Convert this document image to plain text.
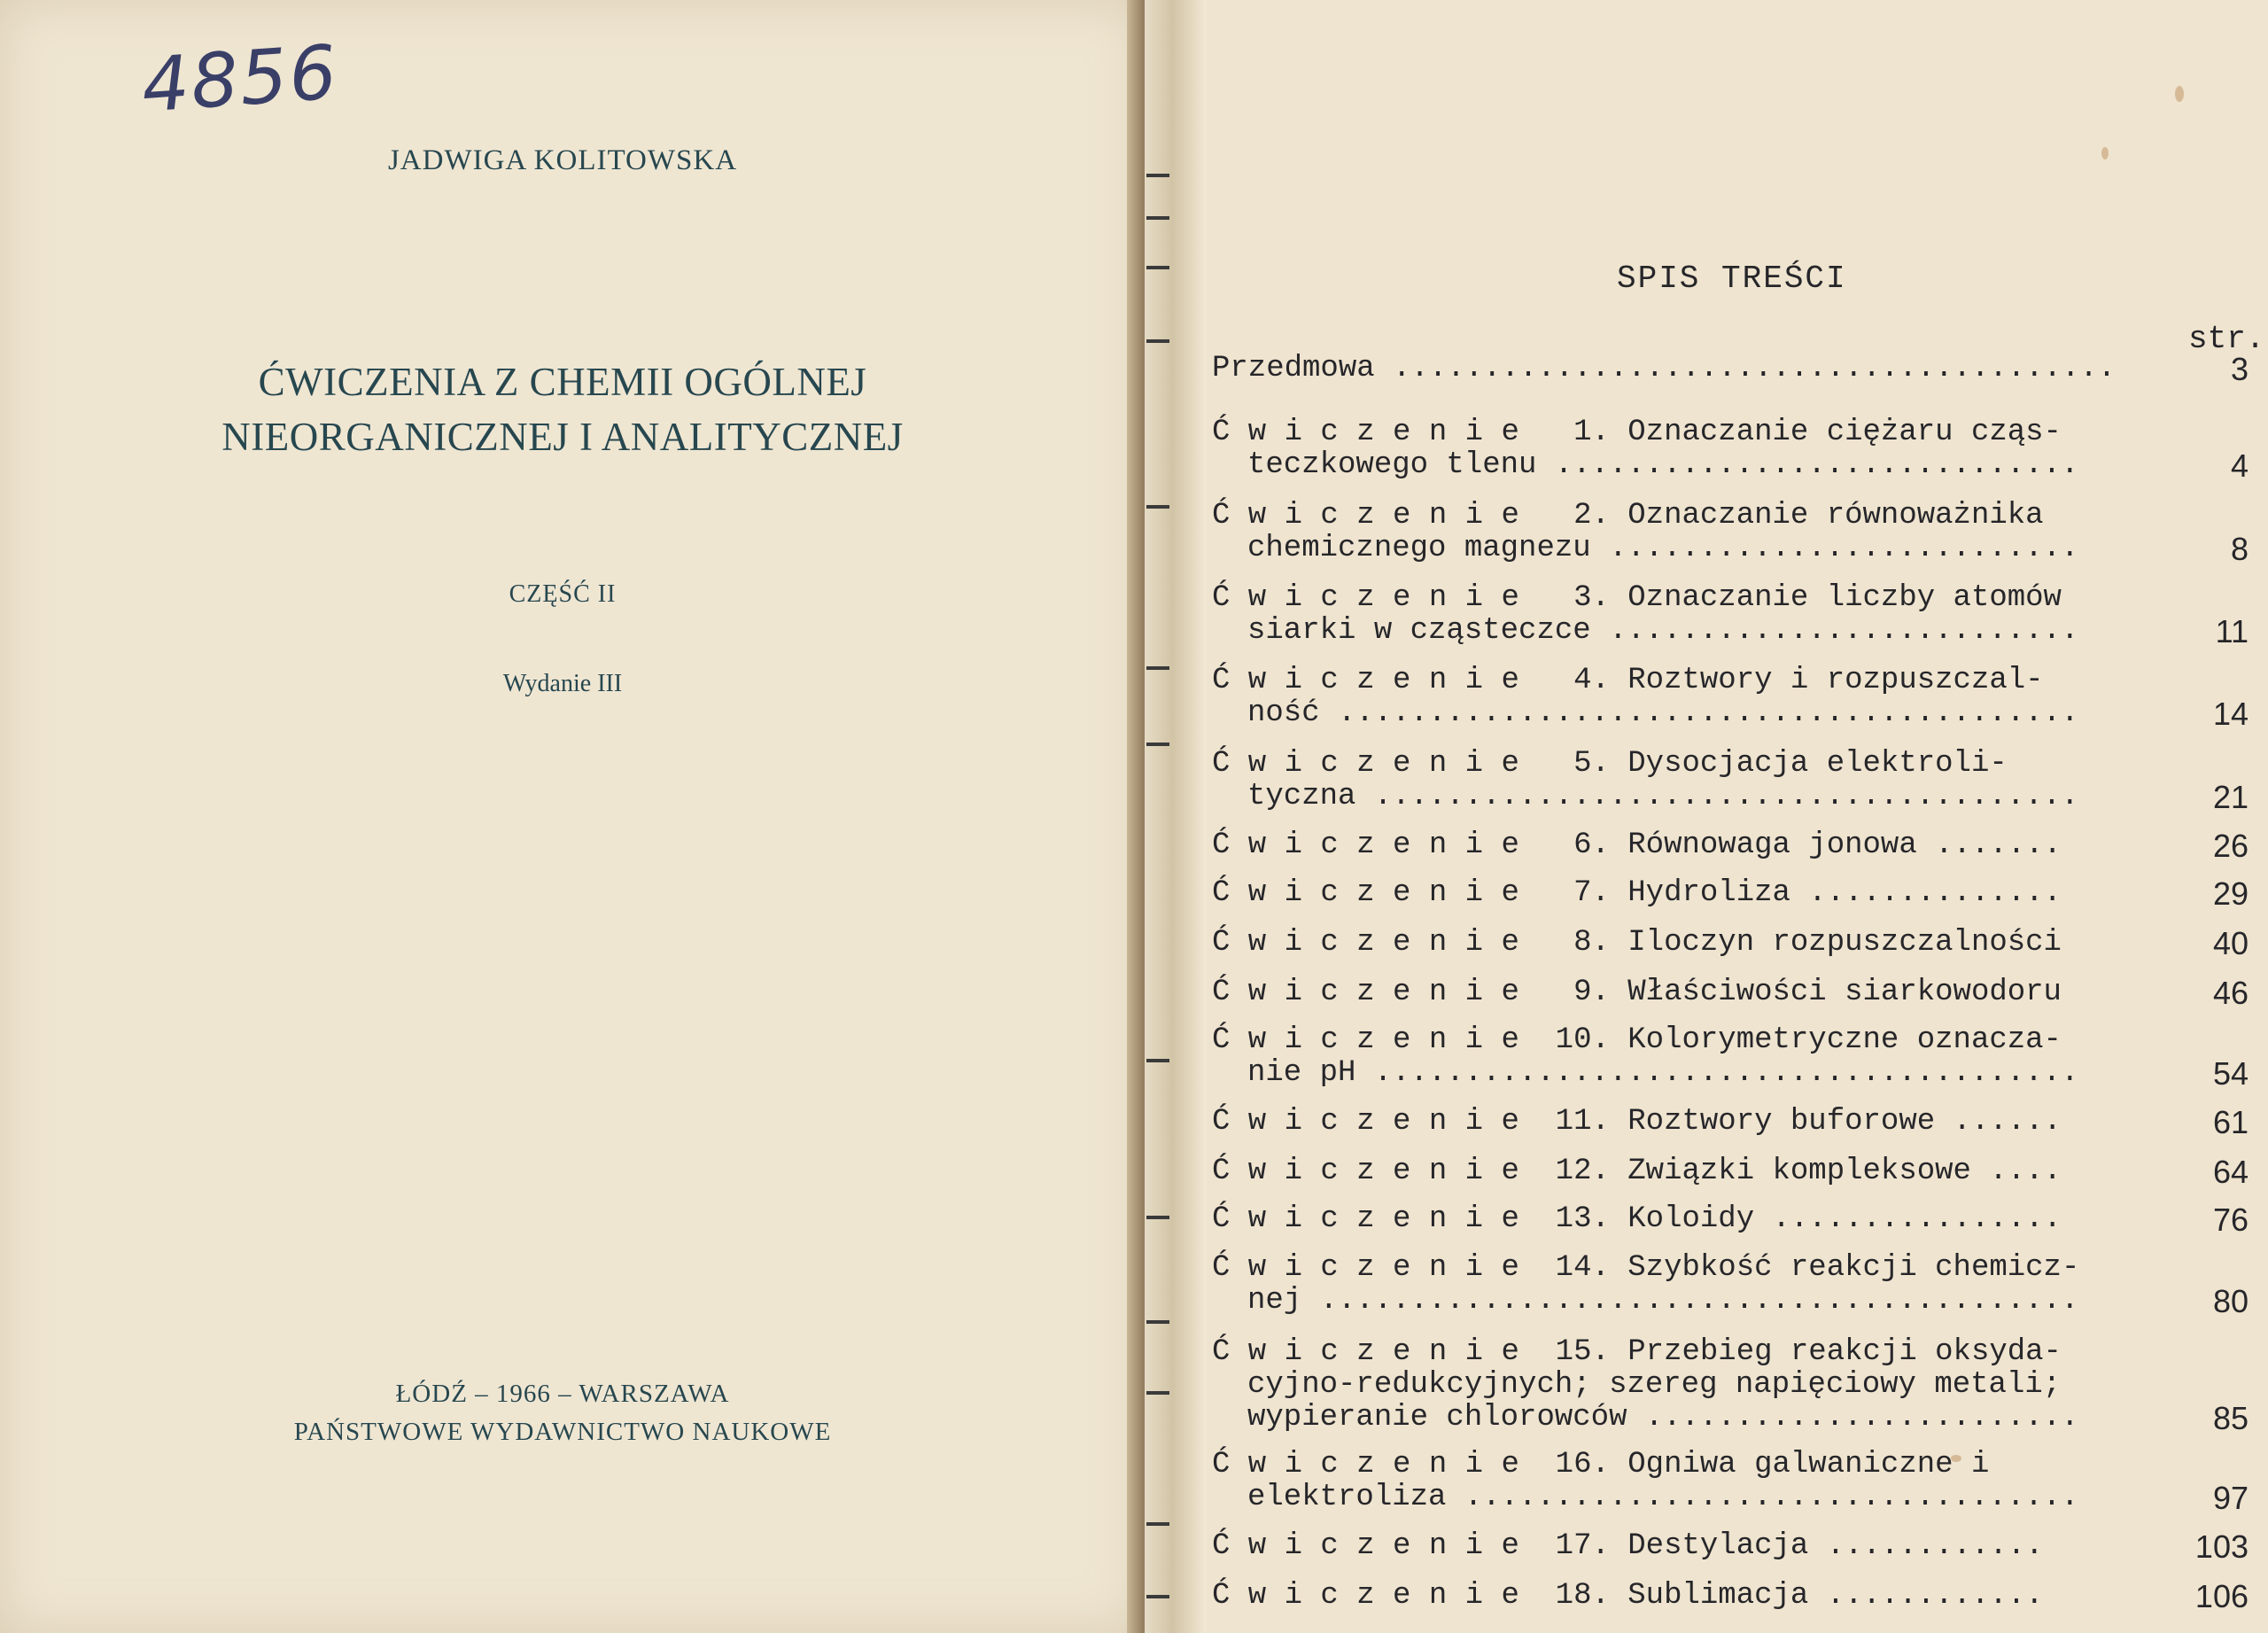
4856
JADWIGA KOLITOWSKA
ĆWICZENIA Z CHEMII OGÓLNEJ
NIEORGANICZNEJ I ANALITYCZNEJ
CZĘŚĆ II
Wydanie III
ŁÓDŹ – 1966 – WARSZAWA
PAŃSTWOWE WYDAWNICTWO NAUKOWE
SPIS TREŚCI
str.
Przedmowa ........................................	3
Ć w i c z e n i e   1. Oznaczanie ciężaru cząs-
teczkowego tlenu .............................	4
Ć w i c z e n i e   2. Oznaczanie równoważnika
chemicznego magnezu ..........................	8
Ć w i c z e n i e   3. Oznaczanie liczby atomów
siarki w cząsteczce ..........................	11
Ć w i c z e n i e   4. Roztwory i rozpuszczal-
ność .........................................	14
Ć w i c z e n i e   5. Dysocjacja elektroli-
tyczna .......................................	21
Ć w i c z e n i e   6. Równowaga jonowa .......	26
Ć w i c z e n i e   7. Hydroliza ..............	29
Ć w i c z e n i e   8. Iloczyn rozpuszczalności	40
Ć w i c z e n i e   9. Właściwości siarkowodoru	46
Ć w i c z e n i e  10. Kolorymetryczne oznacza-
nie pH .......................................	54
Ć w i c z e n i e  11. Roztwory buforowe ......	61
Ć w i c z e n i e  12. Związki kompleksowe ....	64
Ć w i c z e n i e  13. Koloidy ................	76
Ć w i c z e n i e  14. Szybkość reakcji chemicz-
nej ..........................................	80
Ć w i c z e n i e  15. Przebieg reakcji oksyda-
cyjno-redukcyjnych; szereg napięciowy metali;
wypieranie chlorowców ........................	85
Ć w i c z e n i e  16. Ogniwa galwaniczne i
elektroliza ..................................	97
Ć w i c z e n i e  17. Destylacja ............	103
Ć w i c z e n i e  18. Sublimacja ............	106
